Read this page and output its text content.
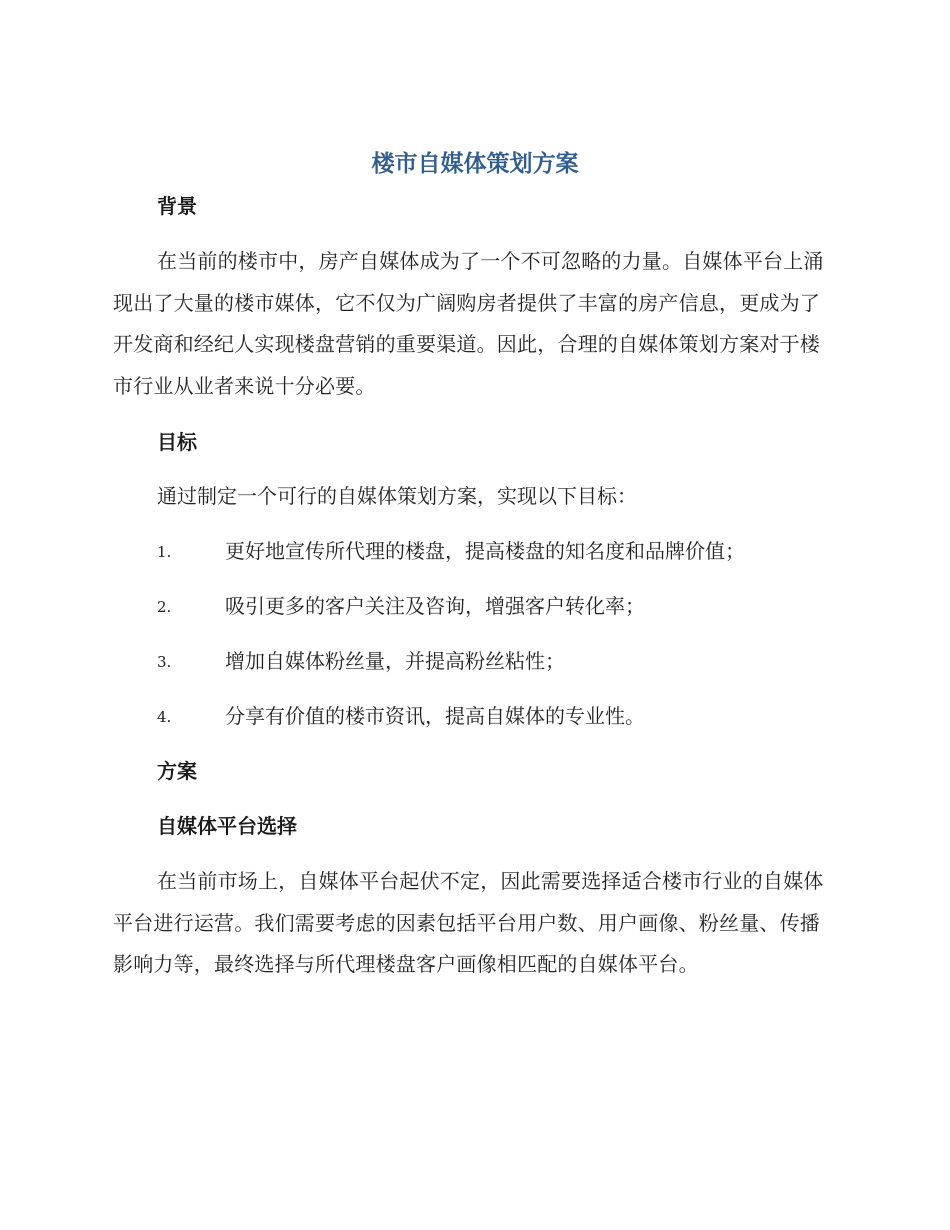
楼市自媒体策划方案
背景

在当前的楼市中，房产自媒体成为了一个不可忽略的力量。自媒体平台上涌现出了大量的楼市媒体，它不仅为广阔购房者提供了丰富的房产信息，更成为了开发商和经纪人实现楼盘营销的重要渠道。因此，合理的自媒体策划方案对于楼市行业从业者来说十分必要。

目标

通过制定一个可行的自媒体策划方案，实现以下目标：

1.	更好地宣传所代理的楼盘，提高楼盘的知名度和品牌价值；
2.	吸引更多的客户关注及咨询，增强客户转化率；
3.	增加自媒体粉丝量，并提高粉丝粘性；
4.	分享有价值的楼市资讯，提高自媒体的专业性。
方案
自媒体平台选择

在当前市场上，自媒体平台起伏不定，因此需要选择适合楼市行业的自媒体平台进行运营。我们需要考虑的因素包括平台用户数、用户画像、粉丝量、传播影响力等，最终选择与所代理楼盘客户画像相匹配的自媒体平台。
